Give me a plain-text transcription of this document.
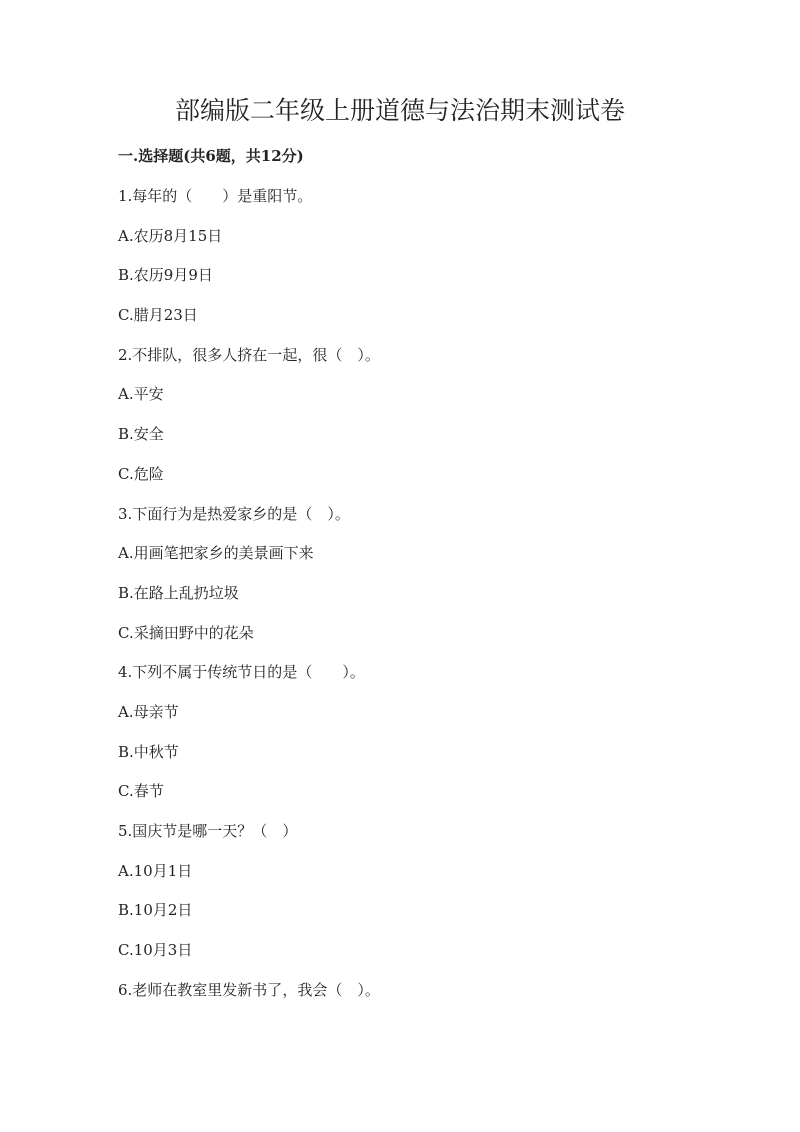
部编版二年级上册道德与法治期末测试卷
一.选择题(共6题，共12分)
1.每年的（　　）是重阳节。
A.农历8月15日
B.农历9月9日
C.腊月23日
2.不排队，很多人挤在一起，很（　）。
A.平安
B.安全
C.危险
3.下面行为是热爱家乡的是（　）。
A.用画笔把家乡的美景画下来
B.在路上乱扔垃圾
C.采摘田野中的花朵
4.下列不属于传统节日的是（　　）。
A.母亲节
B.中秋节
C.春节
5.国庆节是哪一天？（　）
A.10月1日
B.10月2日
C.10月3日
6.老师在教室里发新书了，我会（　）。
